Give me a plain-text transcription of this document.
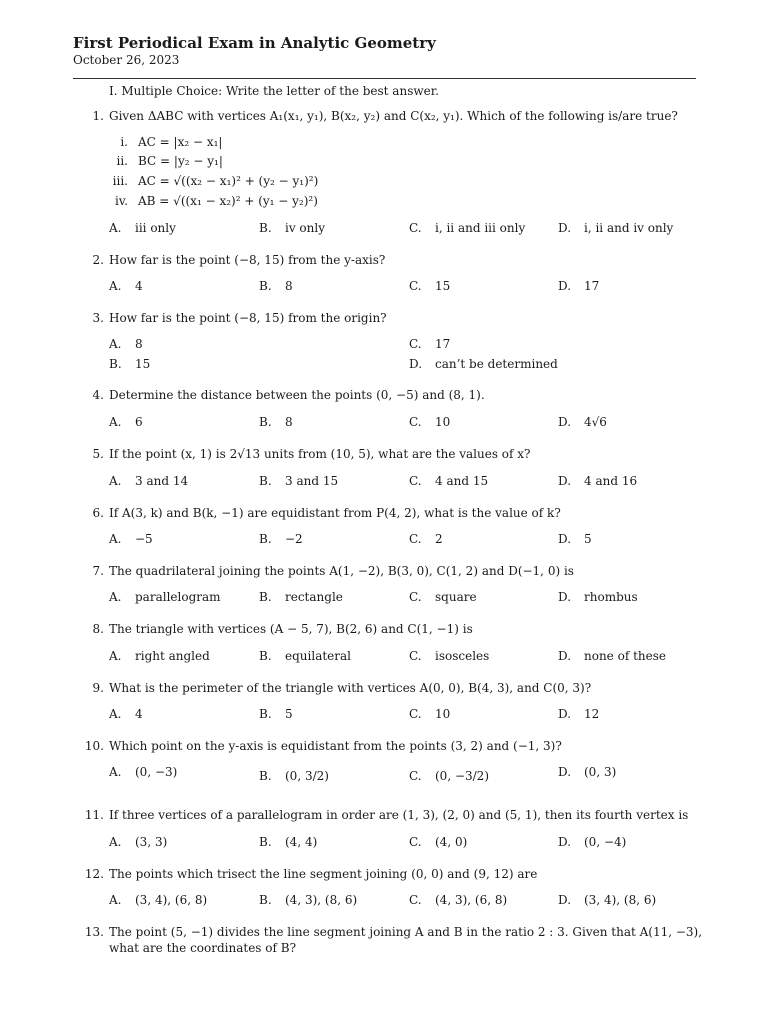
First Periodical Exam in Analytic Geometry
October 26, 2023
I. Multiple Choice: Write the letter of the best answer.
1. Given ΔABC with vertices A₁(x₁, y₁), B(x₂, y₂) and C(x₂, y₁). Which of the following is/are true?
i. AC = |x₂ − x₁|
ii. BC = |y₂ − y₁|
iii. AC = √((x₂ − x₁)² + (y₂ − y₁)²)
iv. AB = √((x₁ − x₂)² + (y₁ − y₂)²)
A. iii only	B. iv only	C. i, ii and iii only	D. i, ii and iv only
2. How far is the point (−8, 15) from the y-axis?
A. 4	B. 8	C. 15	D. 17
3. How far is the point (−8, 15) from the origin?
A. 8	C. 17
B. 15	D. can’t be determined
4. Determine the distance between the points (0, −5) and (8, 1).
A. 6	B. 8	C. 10	D. 4√6
5. If the point (x, 1) is 2√13 units from (10, 5), what are the values of x?
A. 3 and 14	B. 3 and 15	C. 4 and 15	D. 4 and 16
6. If A(3, k) and B(k, −1) are equidistant from P(4, 2), what is the value of k?
A. −5	B. −2	C. 2	D. 5
7. The quadrilateral joining the points A(1, −2), B(3, 0), C(1, 2) and D(−1, 0) is
A. parallelogram	B. rectangle	C. square	D. rhombus
8. The triangle with vertices (A − 5, 7), B(2, 6) and C(1, −1) is
A. right angled	B. equilateral	C. isosceles	D. none of these
9. What is the perimeter of the triangle with vertices A(0, 0), B(4, 3), and C(0, 3)?
A. 4	B. 5	C. 10	D. 12
10. Which point on the y-axis is equidistant from the points (3, 2) and (−1, 3)?
A. (0, −3)	B. (0, 3/2)	C. (0, −3/2)	D. (0, 3)
11. If three vertices of a parallelogram in order are (1, 3), (2, 0) and (5, 1), then its fourth vertex is
A. (3, 3)	B. (4, 4)	C. (4, 0)	D. (0, −4)
12. The points which trisect the line segment joining (0, 0) and (9, 12) are
A. (3, 4), (6, 8)	B. (4, 3), (8, 6)	C. (4, 3), (6, 8)	D. (3, 4), (8, 6)
13. The point (5, −1) divides the line segment joining A and B in the ratio 2 : 3. Given that A(11, −3),
what are the coordinates of B?
